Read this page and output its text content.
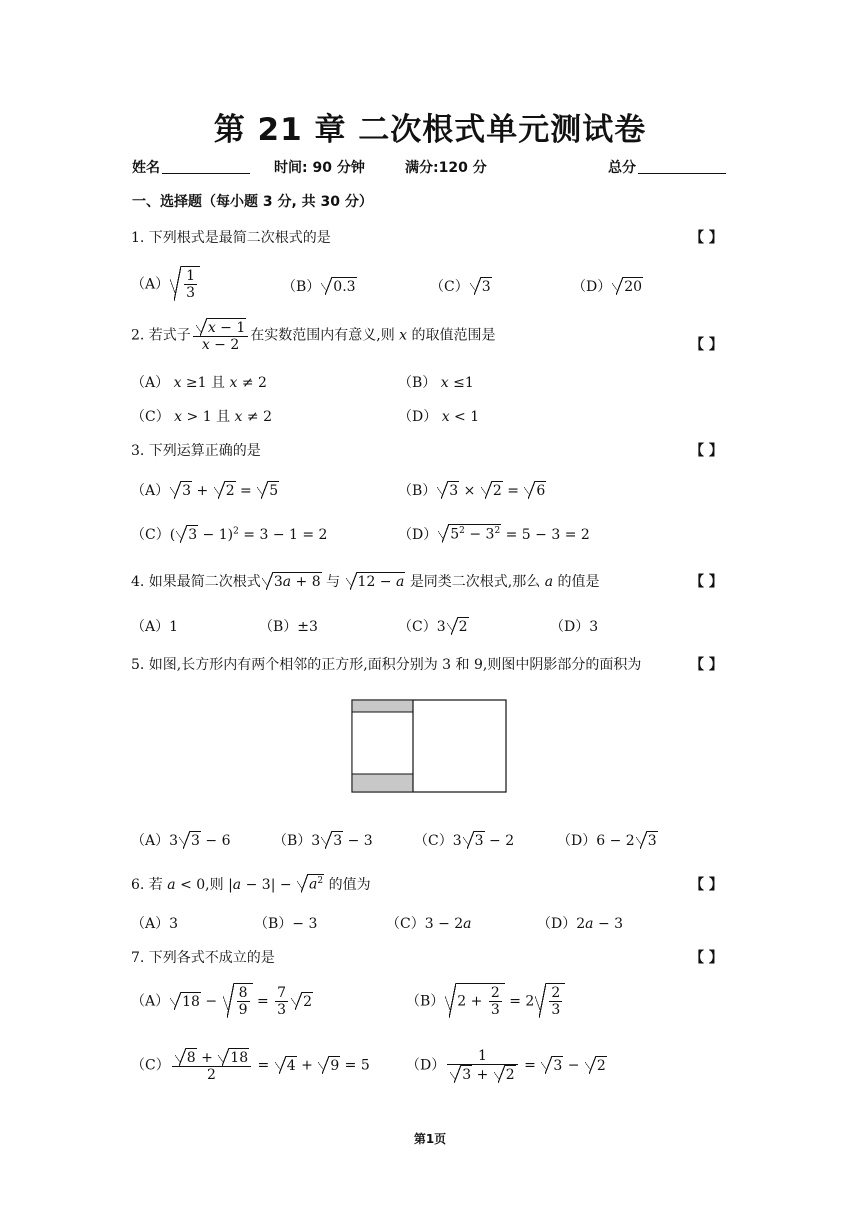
第 21 章 二次根式单元测试卷
姓名	时间: 90 分钟	满分:120 分	总分
一、选择题（每小题 3 分, 共 30 分）
1. 下列根式是最简二次根式的是	【 】
$(A) \frac{1}{3}$	（B） 0.3	（C） 3	（D） 20
2. 若式子 $\frac{x - 1}{x - 2}$ 在实数范围内有意义,则 x 的取值范围是
【 】
（A） x ≥1 且 x ≠ 2	（B） x ≤1
（C） x > 1 且 x ≠ 2	（D） x < 1
3. 下列运算正确的是	【 】
（A） 3 + 2 = 5	（B） 3 × 2 = 6
（C）( 3 − 1)$^2$ = 3 − 1 = 2	（D） $5^2 - 3^2 = 5 - 3 = 2$
4. 如果最简二次根式 3a + 8 与 12 − a 是同类二次根式,那么 a 的值是	【 】
（A）1	（B）±3	（C）3 2	（D）3
5. 如图,长方形内有两个相邻的正方形,面积分别为 3 和 9,则图中阴影部分的面积为	【 】
（A）3 3 − 6	（B）3 3 − 3	（C）3 3 − 2	（D）6 − 2 3
6. 若 a < 0,则 $|a - 3| - a^2$ 的值为	【 】
（A）3	（B）− 3	（C）3 − 2a	（D）2a − 3
7. 下列各式不成立的是	【 】
（A） $18 - \frac{8}{9} = \frac{7}{3} 2$	（B） $2 + \frac{2}{3} = 2 \frac{2}{3}$
$(C) \frac{8 + 18}{2} = 4 + 9 = 5$	$(D) \frac{1}{3 + 2} = 3 - 2$
第1页
